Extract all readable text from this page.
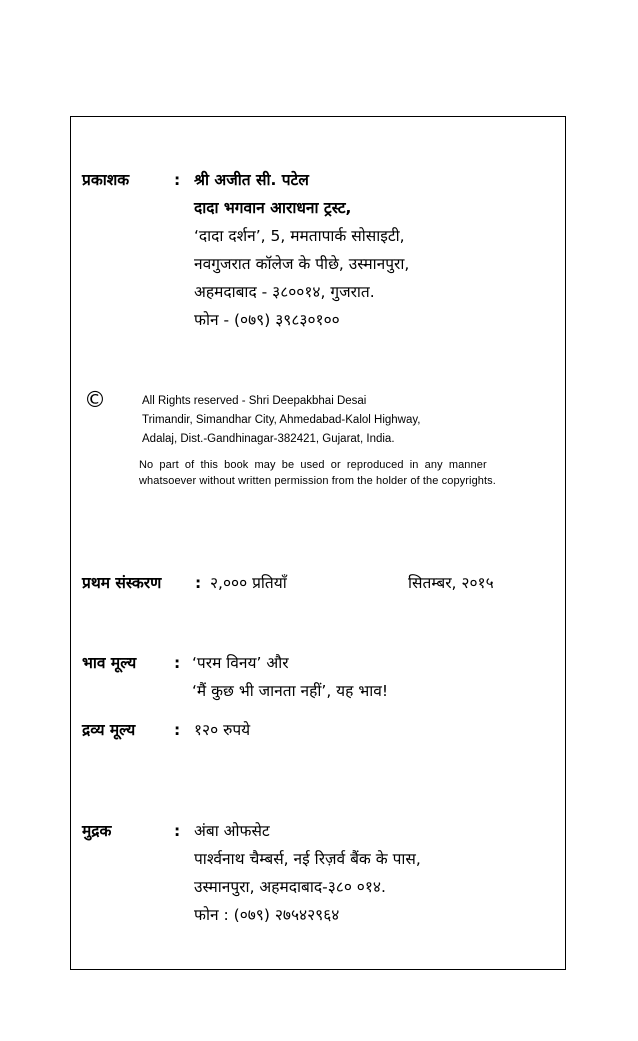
प्रकाशक	: श्री अजीत सी. पटेल
दादा भगवान आराधना ट्रस्ट,
‘दादा दर्शन’, 5, ममतापार्क सोसाइटी,
नवगुजरात कॉलेज के पीछे, उस्मानपुरा,
अहमदाबाद - ३८००१४, गुजरात.
फोन - (०७९) ३९८३०१००
©	All Rights reserved - Shri Deepakbhai Desai
Trimandir, Simandhar City, Ahmedabad-Kalol Highway,
Adalaj, Dist.-Gandhinagar-382421, Gujarat, India.
No part of this book may be used or reproduced in any manner
whatsoever without written permission from the holder of the copyrights.
प्रथम संस्करण : २,००० प्रतियाँ	सितम्बर, २०१५
भाव मूल्य : ‘परम विनय’ और
‘मैं कुछ भी जानता नहीं’, यह भाव!
द्रव्य मूल्य : १२० रुपये
मुद्रक	: अंबा ओफसेट
पार्श्वनाथ चैम्बर्स, नई रिज़र्व बैंक के पास,
उस्मानपुरा, अहमदाबाद-३८० ०१४.
फोन : (०७९) २७५४२९६४
